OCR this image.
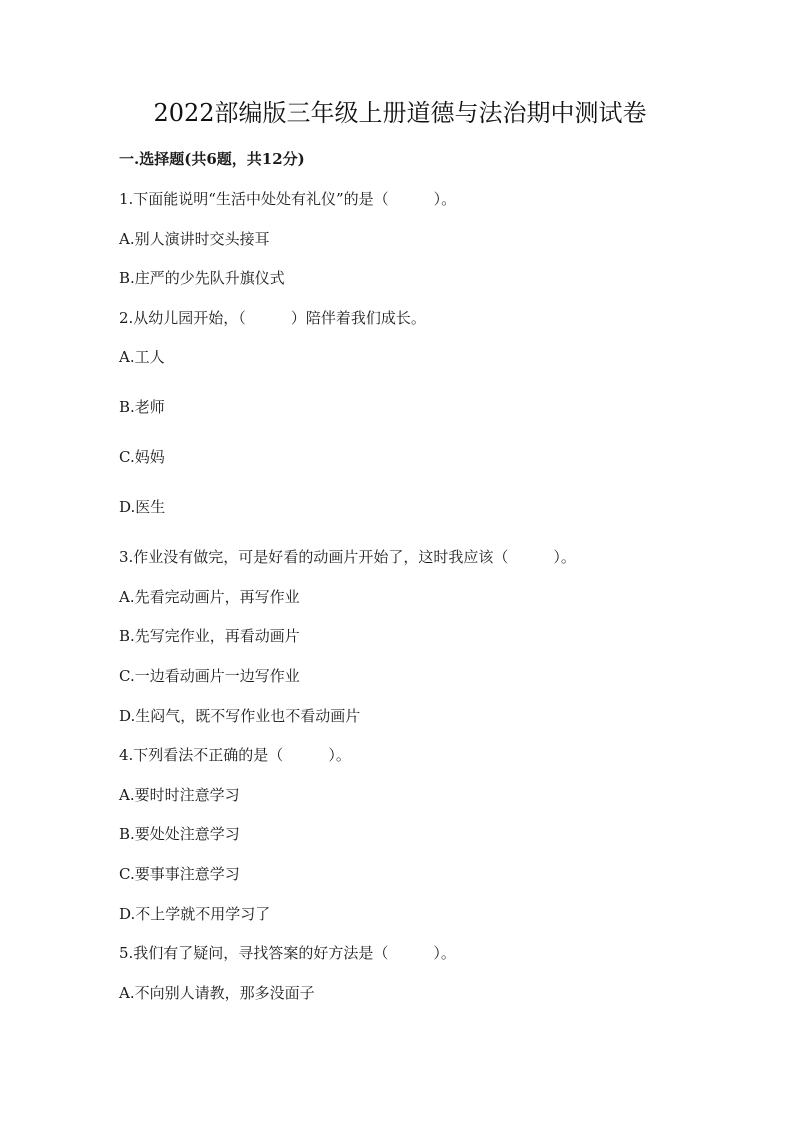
2022部编版三年级上册道德与法治期中测试卷
一.选择题(共6题，共12分)
1.下面能说明“生活中处处有礼仪”的是（　　　）。
A.别人演讲时交头接耳
B.庄严的少先队升旗仪式
2.从幼儿园开始，（　　　）陪伴着我们成长。
A.工人
B.老师
C.妈妈
D.医生
3.作业没有做完，可是好看的动画片开始了，这时我应该（　　　）。
A.先看完动画片，再写作业
B.先写完作业，再看动画片
C.一边看动画片一边写作业
D.生闷气，既不写作业也不看动画片
4.下列看法不正确的是（　　　）。
A.要时时注意学习
B.要处处注意学习
C.要事事注意学习
D.不上学就不用学习了
5.我们有了疑问，寻找答案的好方法是（　　　）。
A.不向别人请教，那多没面子
